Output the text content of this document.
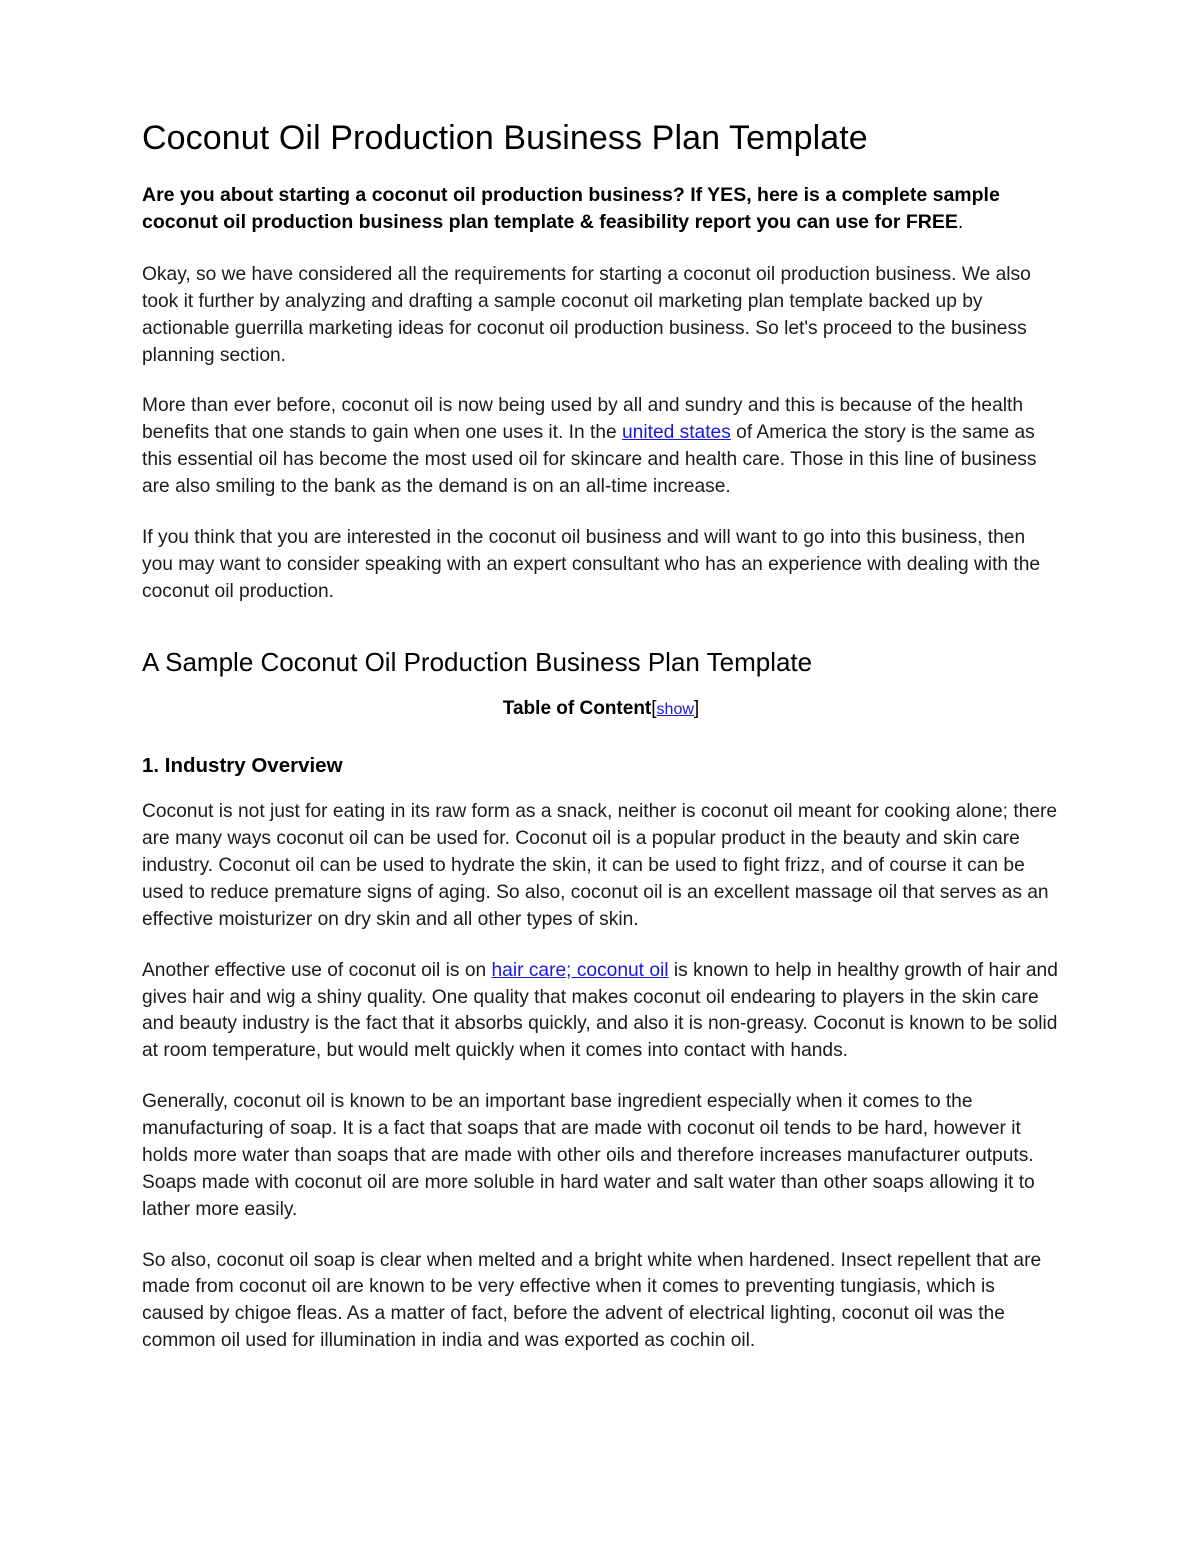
Coconut Oil Production Business Plan Template

Are you about starting a coconut oil production business? If YES, here is a complete sample coconut oil production business plan template & feasibility report you can use for FREE.

Okay, so we have considered all the requirements for starting a coconut oil production business. We also took it further by analyzing and drafting a sample coconut oil marketing plan template backed up by actionable guerrilla marketing ideas for coconut oil production business. So let's proceed to the business planning section.

More than ever before, coconut oil is now being used by all and sundry and this is because of the health benefits that one stands to gain when one uses it. In the united states of America the story is the same as this essential oil has become the most used oil for skincare and health care. Those in this line of business are also smiling to the bank as the demand is on an all-time increase.

If you think that you are interested in the coconut oil business and will want to go into this business, then you may want to consider speaking with an expert consultant who has an experience with dealing with the coconut oil production.

A Sample Coconut Oil Production Business Plan Template
Table of Content[show]
1. Industry Overview

Coconut is not just for eating in its raw form as a snack, neither is coconut oil meant for cooking alone; there are many ways coconut oil can be used for. Coconut oil is a popular product in the beauty and skin care industry. Coconut oil can be used to hydrate the skin, it can be used to fight frizz, and of course it can be used to reduce premature signs of aging. So also, coconut oil is an excellent massage oil that serves as an effective moisturizer on dry skin and all other types of skin.

Another effective use of coconut oil is on hair care; coconut oil is known to help in healthy growth of hair and gives hair and wig a shiny quality. One quality that makes coconut oil endearing to players in the skin care and beauty industry is the fact that it absorbs quickly, and also it is non-greasy. Coconut is known to be solid at room temperature, but would melt quickly when it comes into contact with hands.

Generally, coconut oil is known to be an important base ingredient especially when it comes to the manufacturing of soap. It is a fact that soaps that are made with coconut oil tends to be hard, however it holds more water than soaps that are made with other oils and therefore increases manufacturer outputs. Soaps made with coconut oil are more soluble in hard water and salt water than other soaps allowing it to lather more easily.

So also, coconut oil soap is clear when melted and a bright white when hardened. Insect repellent that are made from coconut oil are known to be very effective when it comes to preventing tungiasis, which is caused by chigoe fleas. As a matter of fact, before the advent of electrical lighting, coconut oil was the common oil used for illumination in india and was exported as cochin oil.
